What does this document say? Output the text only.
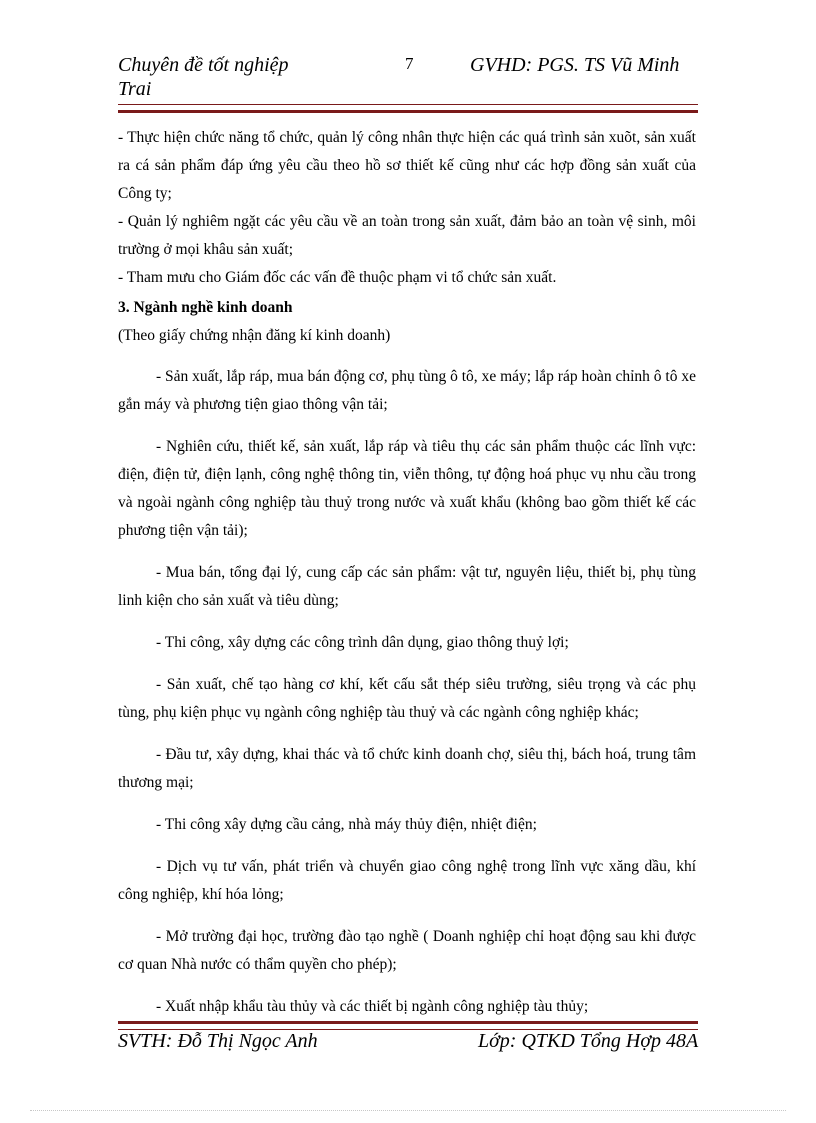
Chuyên đề tốt nghiệp
Trai
7	GVHD: PGS. TS Vũ Minh

- Thực hiện chức năng tổ chức, quản lý công nhân thực hiện các quá trình sản xuõt, sản xuất ra cá sản phẩm đáp ứng yêu cầu theo hồ sơ thiết kế cũng như các hợp đồng sản xuất của Công ty;

- Quản lý nghiêm ngặt các yêu cầu về an toàn trong sản xuất, đảm bảo an toàn vệ sinh, môi trường ở mọi khâu sản xuất;

- Tham mưu cho Giám đốc các vấn đề thuộc phạm vi tổ chức sản xuất.

3. Ngành nghề kinh doanh

(Theo giấy chứng nhận đăng kí kinh doanh)

- Sản xuất, lắp ráp, mua bán động cơ, phụ tùng ô tô, xe máy; lắp ráp hoàn chỉnh ô tô xe gắn máy và phương tiện giao thông vận tải;

- Nghiên cứu, thiết kế, sản xuất, lắp ráp và tiêu thụ các sản phẩm thuộc các lĩnh vực: điện, điện tử, điện lạnh, công nghệ thông tin, viễn thông, tự động hoá phục vụ nhu cầu trong và ngoài ngành công nghiệp tàu thuỷ trong nước và xuất khẩu (không bao gồm thiết kế các phương tiện vận tải);

- Mua bán, tổng đại lý, cung cấp các sản phẩm: vật tư, nguyên liệu, thiết bị, phụ tùng linh kiện cho sản xuất và tiêu dùng;

- Thi công, xây dựng các công trình dân dụng, giao thông thuỷ lợi;

- Sản xuất, chế tạo hàng cơ khí, kết cấu sắt thép siêu trường, siêu trọng và các phụ tùng, phụ kiện phục vụ ngành công nghiệp tàu thuỷ và các ngành công nghiệp khác;

- Đầu tư, xây dựng, khai thác và tổ chức kinh doanh chợ, siêu thị, bách hoá, trung tâm thương mại;

- Thi công xây dựng cầu cảng, nhà máy thủy điện, nhiệt điện;

- Dịch vụ tư vấn, phát triển và chuyển giao công nghệ trong lĩnh vực xăng dầu, khí công nghiệp, khí hóa lỏng;

- Mở trường đại học, trường đào tạo nghề ( Doanh nghiệp chỉ hoạt động sau khi được cơ quan Nhà nước có thẩm quyền cho phép);

- Xuất nhập khẩu tàu thủy và các thiết bị ngành công nghiệp tàu thủy;

SVTH: Đỗ Thị Ngọc Anh	Lớp: QTKD Tổng Hợp 48A
